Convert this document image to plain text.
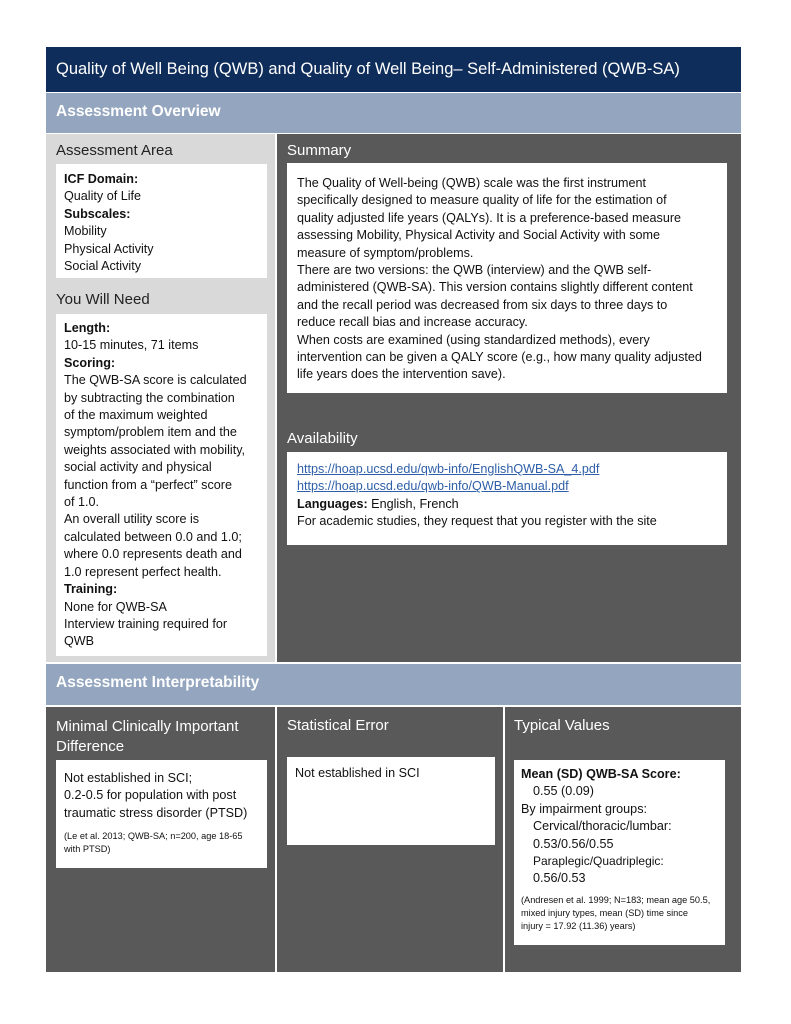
Quality of Well Being (QWB) and Quality of Well Being– Self-Administered (QWB-SA)
Assessment Overview
Assessment Area
ICF Domain:
Quality of Life
Subscales:
Mobility
Physical Activity
Social Activity
You Will Need
Length:
10-15 minutes, 71 items
Scoring:
The QWB-SA score is calculated
by subtracting the combination
of the maximum weighted
symptom/problem item and the
weights associated with mobility,
social activity and physical
function from a “perfect” score
of 1.0.
An overall utility score is
calculated between 0.0 and 1.0;
where 0.0 represents death and
1.0 represent perfect health.
Training:
None for QWB-SA
Interview training required for
QWB
Summary
The Quality of Well-being (QWB) scale was the first instrument
specifically designed to measure quality of life for the estimation of
quality adjusted life years (QALYs). It is a preference-based measure
assessing Mobility, Physical Activity and Social Activity with some
measure of symptom/problems.
There are two versions: the QWB (interview) and the QWB self-
administered (QWB-SA). This version contains slightly different content
and the recall period was decreased from six days to three days to
reduce recall bias and increase accuracy.
When costs are examined (using standardized methods), every
intervention can be given a QALY score (e.g., how many quality adjusted
life years does the intervention save).
Availability
https://hoap.ucsd.edu/qwb-info/EnglishQWB-SA_4.pdf
https://hoap.ucsd.edu/qwb-info/QWB-Manual.pdf
Languages: English, French
For academic studies, they request that you register with the site
Assessment Interpretability
Minimal Clinically Important
Difference
Not established in SCI;
0.2-0.5 for population with post
traumatic stress disorder (PTSD)
(Le et al. 2013; QWB-SA; n=200, age 18-65
with PTSD)
Statistical Error
Not established in SCI
Typical Values
Mean (SD) QWB-SA Score:
0.55 (0.09)
By impairment groups:
Cervical/thoracic/lumbar:
0.53/0.56/0.55
Paraplegic/Quadriplegic:
0.56/0.53
(Andresen et al. 1999; N=183; mean age 50.5,
mixed injury types, mean (SD) time since
injury = 17.92 (11.36) years)
